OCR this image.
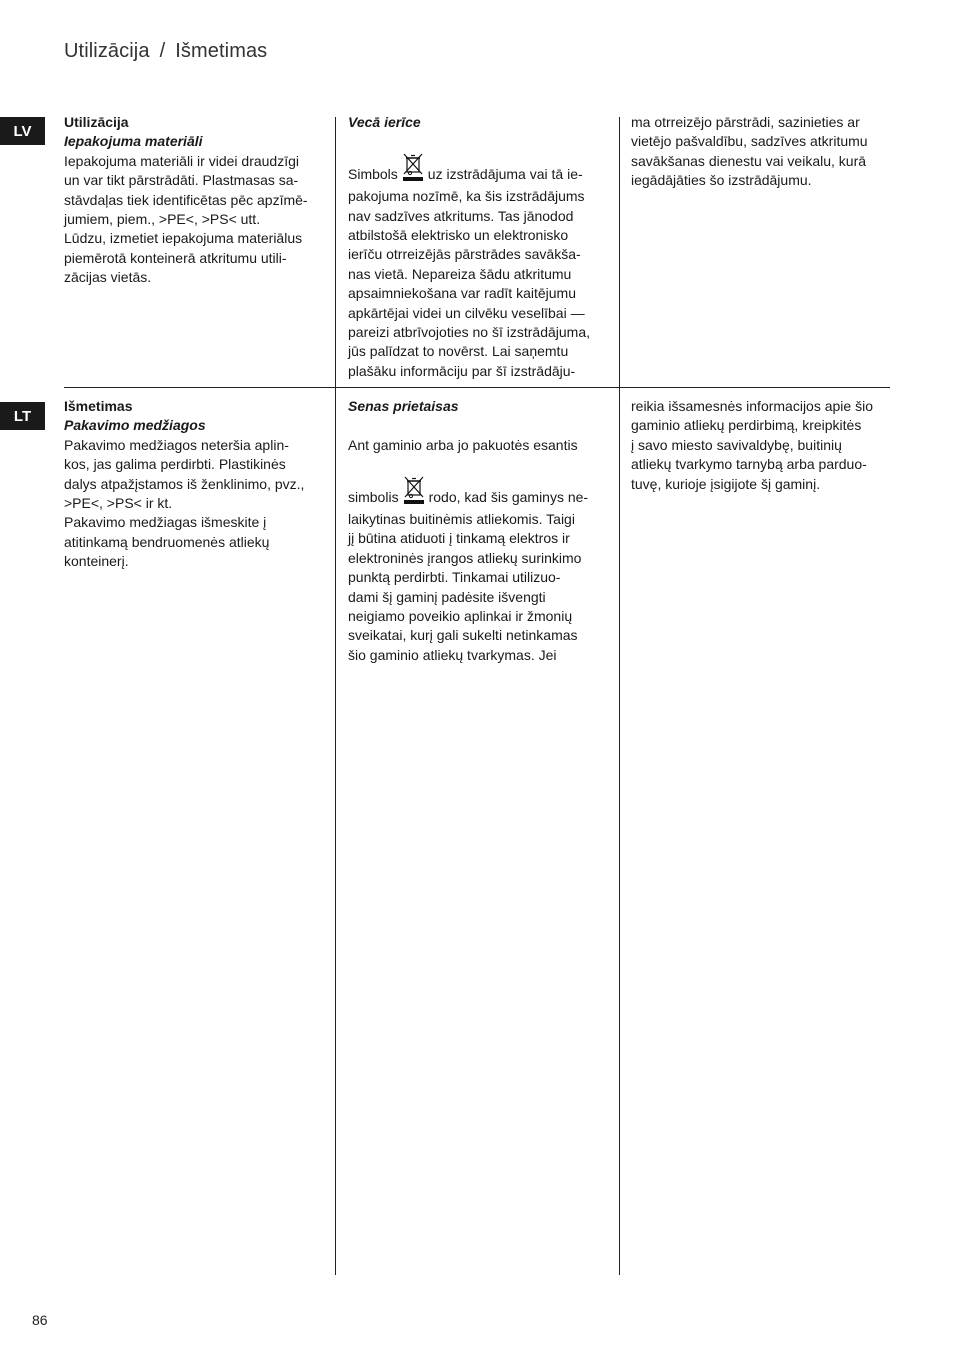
Utilizācija / Išmetimas
LV
LT

Utilizācija

Iepakojuma materiāli

Iepakojuma materiāli ir videi draudzīgi

un var tikt pārstrādāti. Plastmasas sa-

stāvdaļas tiek identificētas pēc apzīmē-

jumiem, piem., >PE<, >PS< utt.

Lūdzu, izmetiet iepakojuma materiālus

piemērotā konteinerā atkritumu utili-

zācijas vietās.

Vecā ierīce

Simbols uz izstrādājuma vai tā ie-

pakojuma nozīmē, ka šis izstrādājums

nav sadzīves atkritums. Tas jānodod

atbilstošā elektrisko un elektronisko

ierīču otrreizējās pārstrādes savākša-

nas vietā. Nepareiza šādu atkritumu

apsaimniekošana var radīt kaitējumu

apkārtējai videi un cilvēku veselībai —

pareizi atbrīvojoties no šī izstrādājuma,

jūs palīdzat to novērst. Lai saņemtu

plašāku informāciju par šī izstrādāju-

ma otrreizējo pārstrādi, sazinieties ar

vietējo pašvaldību, sadzīves atkritumu

savākšanas dienestu vai veikalu, kurā

iegādājāties šo izstrādājumu.

Išmetimas

Pakavimo medžiagos

Pakavimo medžiagos neteršia aplin-

kos, jas galima perdirbti. Plastikinės

dalys atpažįstamos iš ženklinimo, pvz.,

>PE<, >PS< ir kt.

Pakavimo medžiagas išmeskite į

atitinkamą bendruomenės atliekų

konteinerį.

Senas prietaisas

Ant gaminio arba jo pakuotės esantis

simbolis rodo, kad šis gaminys ne-

laikytinas buitinėmis atliekomis. Taigi

jį būtina atiduoti į tinkamą elektros ir

elektroninės įrangos atliekų surinkimo

punktą perdirbti. Tinkamai utilizuo-

dami šį gaminį padėsite išvengti

neigiamo poveikio aplinkai ir žmonių

sveikatai, kurį gali sukelti netinkamas

šio gaminio atliekų tvarkymas. Jei

reikia išsamesnės informacijos apie šio

gaminio atliekų perdirbimą, kreipkitės

į savo miesto savivaldybę, buitinių

atliekų tvarkymo tarnybą arba parduo-

tuvę, kurioje įsigijote šį gaminį.

86
